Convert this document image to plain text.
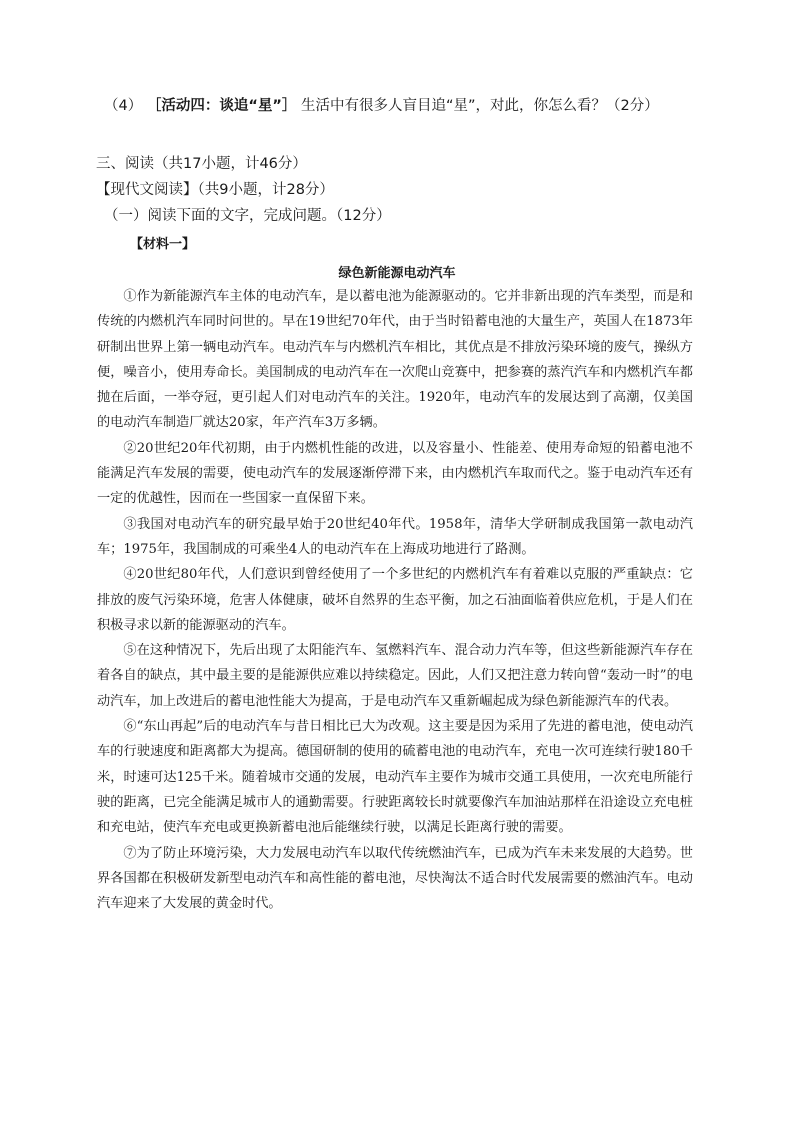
（4） ［活动四：谈追“星”］ 生活中有很多人盲目追“星”，对此，你怎么看？（2分）
三、阅读（共17小题，计46分）
【现代文阅读】（共9小题，计28分）
（一）阅读下面的文字，完成问题。（12分）
【材料一】
绿色新能源电动汽车

①作为新能源汽车主体的电动汽车，是以蓄电池为能源驱动的。它并非新出现的汽车类型，而是和传统的内燃机汽车同时问世的。早在19世纪70年代，由于当时铅蓄电池的大量生产，英国人在1873年研制出世界上第一辆电动汽车。电动汽车与内燃机汽车相比，其优点是不排放污染环境的废气，操纵方便，噪音小，使用寿命长。美国制成的电动汽车在一次爬山竞赛中，把参赛的蒸汽汽车和内燃机汽车都抛在后面，一举夺冠，更引起人们对电动汽车的关注。1920年，电动汽车的发展达到了高潮，仅美国的电动汽车制造厂就达20家，年产汽车3万多辆。

②20世纪20年代初期，由于内燃机性能的改进，以及容量小、性能差、使用寿命短的铅蓄电池不能满足汽车发展的需要，使电动汽车的发展逐渐停滞下来，由内燃机汽车取而代之。鉴于电动汽车还有一定的优越性，因而在一些国家一直保留下来。

③我国对电动汽车的研究最早始于20世纪40年代。1958年，清华大学研制成我国第一款电动汽车；1975年，我国制成的可乘坐4人的电动汽车在上海成功地进行了路测。

④20世纪80年代，人们意识到曾经使用了一个多世纪的内燃机汽车有着难以克服的严重缺点：它排放的废气污染环境，危害人体健康，破坏自然界的生态平衡，加之石油面临着供应危机，于是人们在积极寻求以新的能源驱动的汽车。

⑤在这种情况下，先后出现了太阳能汽车、氢燃料汽车、混合动力汽车等，但这些新能源汽车存在着各自的缺点，其中最主要的是能源供应难以持续稳定。因此，人们又把注意力转向曾“轰动一时”的电动汽车，加上改进后的蓄电池性能大为提高，于是电动汽车又重新崛起成为绿色新能源汽车的代表。

⑥“东山再起”后的电动汽车与昔日相比已大为改观。这主要是因为采用了先进的蓄电池，使电动汽车的行驶速度和距离都大为提高。德国研制的使用的硫蓄电池的电动汽车，充电一次可连续行驶180千米，时速可达125千米。随着城市交通的发展，电动汽车主要作为城市交通工具使用，一次充电所能行驶的距离，已完全能满足城市人的通勤需要。行驶距离较长时就要像汽车加油站那样在沿途设立充电桩和充电站，使汽车充电或更换新蓄电池后能继续行驶，以满足长距离行驶的需要。

⑦为了防止环境污染，大力发展电动汽车以取代传统燃油汽车，已成为汽车未来发展的大趋势。世界各国都在积极研发新型电动汽车和高性能的蓄电池，尽快淘汰不适合时代发展需要的燃油汽车。电动汽车迎来了大发展的黄金时代。
